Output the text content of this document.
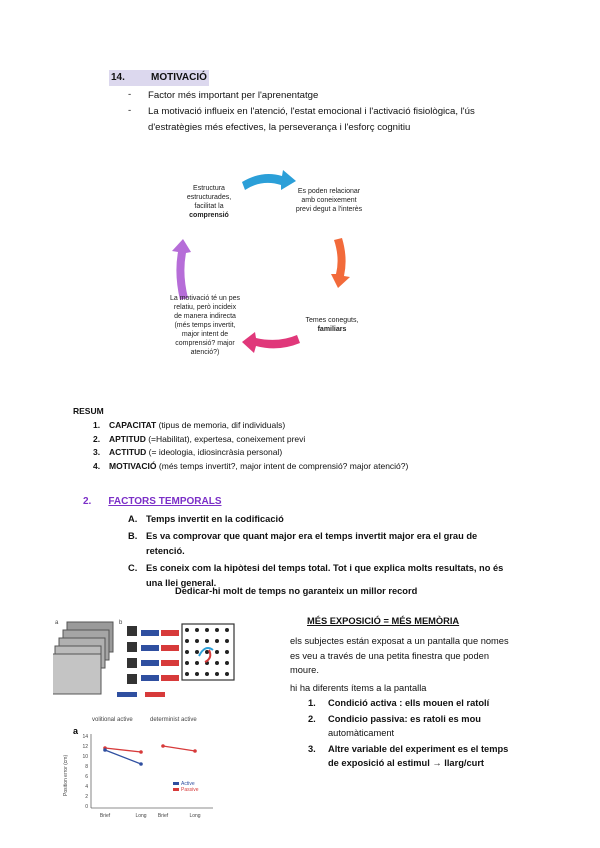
14.	MOTIVACIÓ
- Factor més important per l'aprenentatge
- La motivació influeix en l'atenció, l'estat emocional i l'activació fisiològica, l'ús
d'estratègies més efectives, la perseverança i l'esforç cognitiu
Estructura
estructurades,
facilitat la
comprensió
Es poden relacionar
amb coneixement
previ degut a l'interès
Temes coneguts,
familiars
La motivació té un pes
relatiu, però incideix
de manera indirecta
(més temps invertit,
major intent de
comprensió? major
atenció?)
RESUM
1. CAPACITAT (tipus de memoria, dif individuals)
2. APTITUD (=Habilitat), expertesa, coneixement previ
3. ACTITUD (= ideologia, idiosincràsia personal)
4. MOTIVACIÓ (més temps invertit?, major intent de comprensió? major atenció?)
2. FACTORS TEMPORALS
A. Temps invertit en la codificació
B. Es va comprovar que quant major era el temps invertit major era el grau de
retenció.
C. Es coneix com la hipòtesi del temps total. Tot i que explica molts resultats, no és
una llei general.
Dedicar-hi molt de temps no garanteix un millor record
a	b
volitional active	determinist active
a
Position error (cm)
14
12
10
8
6
4
2
0
Active
Passive
Brief	Long Brief	Long
MÉS EXPOSICIÓ = MÉS MEMÒRIA
els subjectes están exposat a un pantalla que nomes
es veu a través de una petita finestra que poden
moure.
hi ha diferents ítems a la pantalla
1.	Condició activa : ells mouen el ratolí
2.	Condicio passiva: es ratoli es mou
automàticament
3.	Altre variable del experiment es el temps
de exposició al estimul → llarg/curt
